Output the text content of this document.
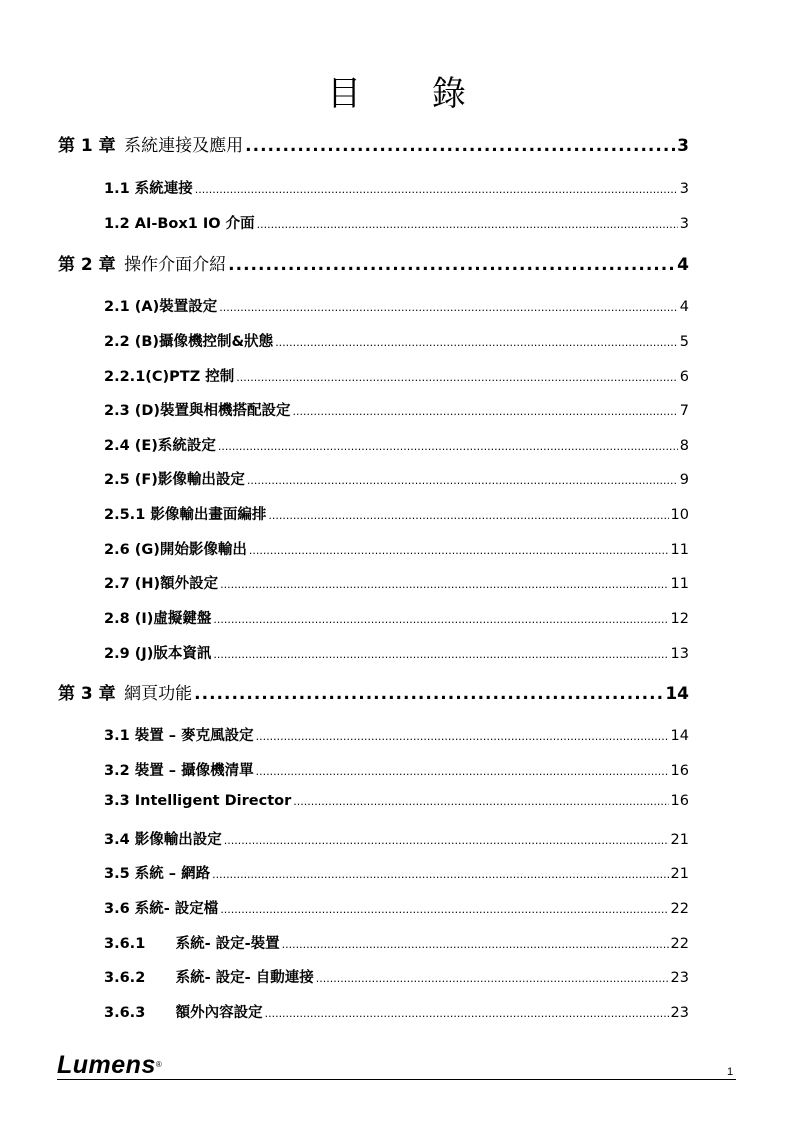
目 錄
第 1 章  系統連接及應用 .....	3
1.1 系統連接 .....	3
1.2 AI-Box1 IO 介面 .....	3
第 2 章  操作介面介紹 .....	4
2.1 (A)裝置設定 .....	4
2.2 (B)攝像機控制&狀態 .....	5
2.2.1(C)PTZ 控制 .....	6
2.3 (D)裝置與相機搭配設定 .....	7
2.4 (E)系統設定 .....	8
2.5 (F)影像輸出設定 .....	9
2.5.1 影像輸出畫面編排 .....	10
2.6 (G)開始影像輸出 .....	11
2.7 (H)額外設定 .....	11
2.8 (I)虛擬鍵盤 .....	12
2.9 (J)版本資訊 .....	13
第 3 章  網頁功能 .....	14
3.1 裝置 – 麥克風設定 .....	14
3.2 裝置 – 攝像機清單 .....	16
3.3 Intelligent Director .....	16
3.4 影像輸出設定 .....	21
3.5 系統 – 網路 .....	21
3.6 系統- 設定檔 .....	22
3.6.1      系統- 設定-裝置 .....	22
3.6.2      系統- 設定- 自動連接 .....	23
3.6.3      額外內容設定 .....	23
Lumens®
1
